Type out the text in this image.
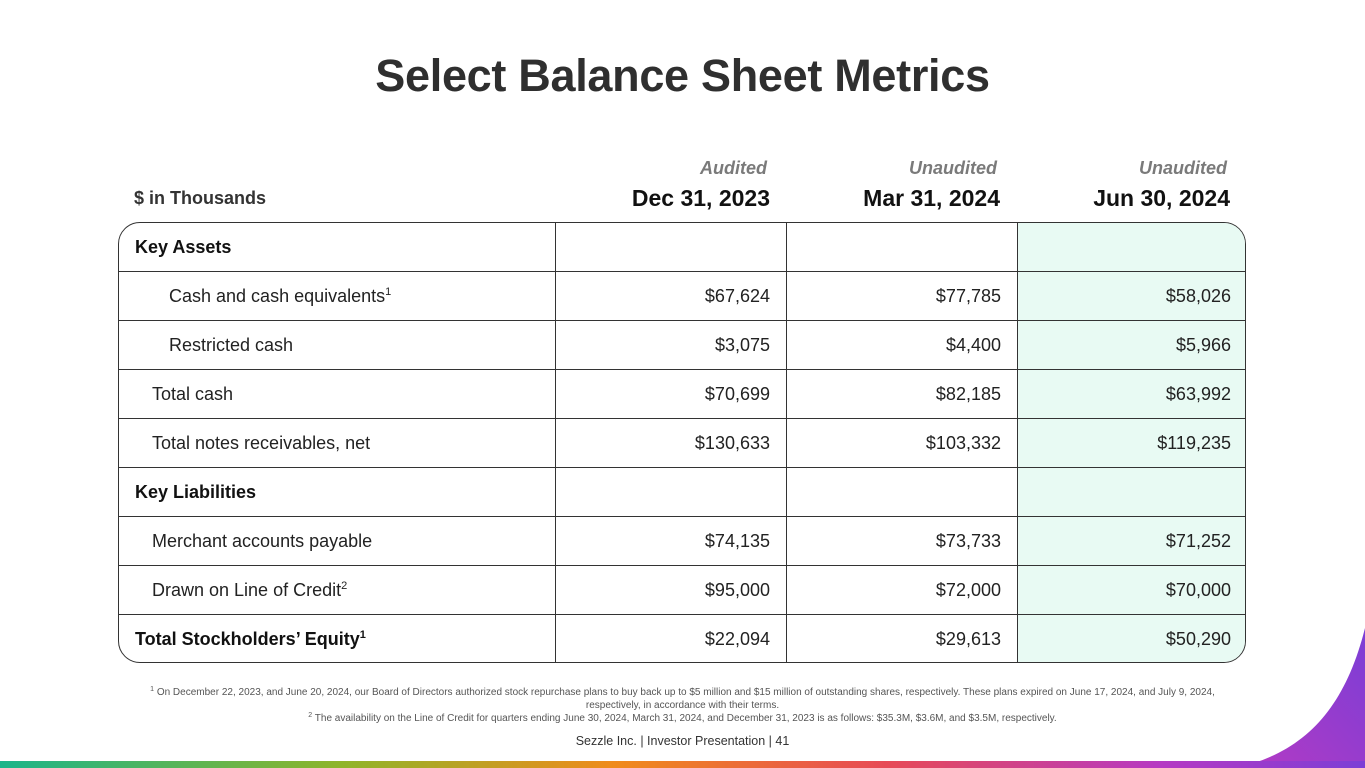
Select Balance Sheet Metrics
$ in Thousands
Audited
Dec 31, 2023
Unaudited
Mar 31, 2024
Unaudited
Jun 30, 2024
Key Assets
Cash and cash equivalents$^1$	$67,624	$77,785	$58,026
Restricted cash	$3,075	$4,400	$5,966
Total cash	$70,699	$82,185	$63,992
Total notes receivables, net	$130,633	$103,332	$119,235
Key Liabilities
Merchant accounts payable	$74,135	$73,733	$71,252
Drawn on Line of Credit$^2$	$95,000	$72,000	$70,000
Total Stockholders’ Equity$^1$	$22,094	$29,613	$50,290
$^1$ On December 22, 2023, and June 20, 2024, our Board of Directors authorized stock repurchase plans to buy back up to $5 million and $15 million of outstanding shares, respectively. These plans expired on June 17, 2024, and July 9, 2024, respectively, in accordance with their terms.
$^2$ The availability on the Line of Credit for quarters ending June 30, 2024, March 31, 2024, and December 31, 2023 is as follows: $35.3M, $3.6M, and $3.5M, respectively.
Sezzle Inc. | Investor Presentation | 41
